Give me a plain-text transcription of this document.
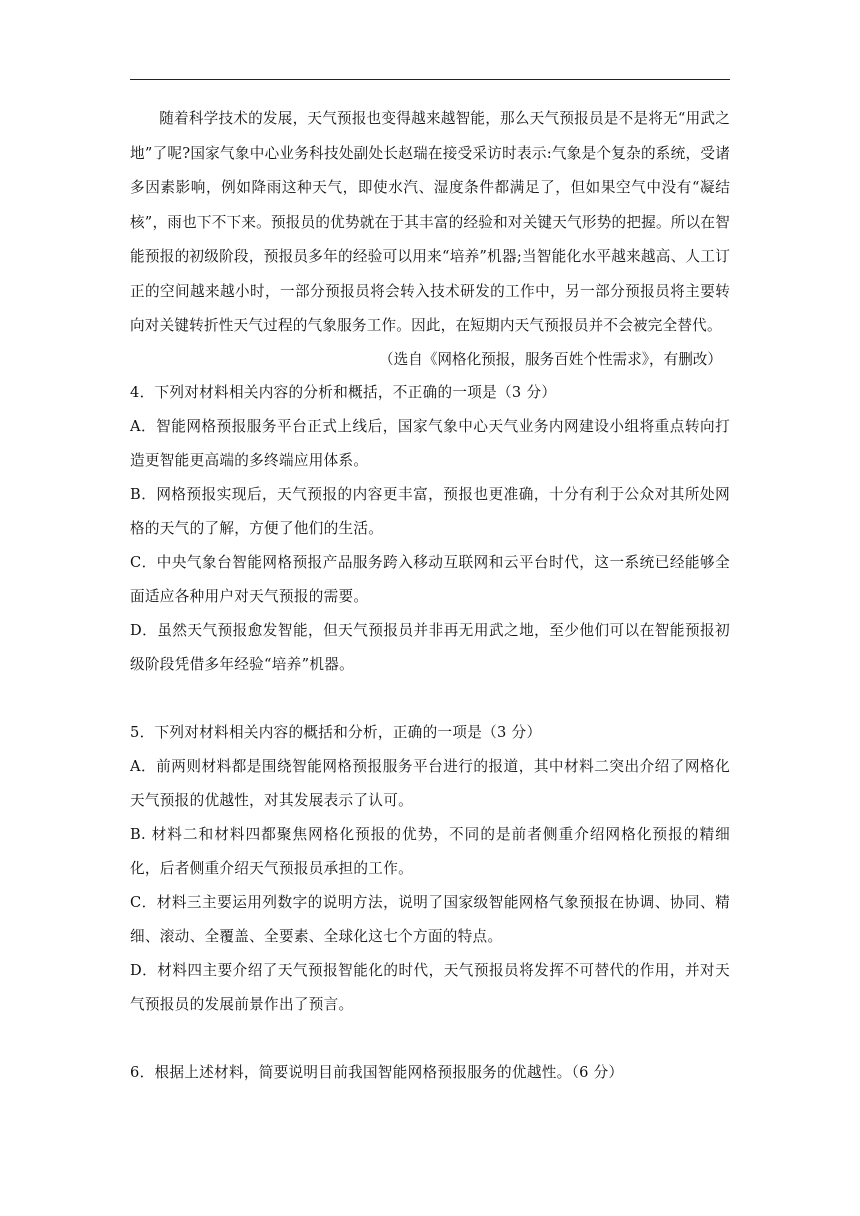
随着科学技术的发展，天气预报也变得越来越智能，那么天气预报员是不是将无“用武之地”了呢?国家气象中心业务科技处副处长赵瑞在接受采访时表示:气象是个复杂的系统，受诸多因素影响，例如降雨这种天气，即使水汽、湿度条件都满足了，但如果空气中没有“凝结核”，雨也下不下来。预报员的优势就在于其丰富的经验和对关键天气形势的把握。所以在智能预报的初级阶段，预报员多年的经验可以用来“培养”机器;当智能化水平越来越高、人工订正的空间越来越小时，一部分预报员将会转入技术研发的工作中，另一部分预报员将主要转向对关键转折性天气过程的气象服务工作。因此，在短期内天气预报员并不会被完全替代。

（选自《网格化预报，服务百姓个性需求》，有删改）

4．下列对材料相关内容的分析和概括，不正确的一项是（3 分）

A．智能网格预报服务平台正式上线后，国家气象中心天气业务内网建设小组将重点转向打造更智能更高端的多终端应用体系。

B．网格预报实现后，天气预报的内容更丰富，预报也更准确，十分有利于公众对其所处网格的天气的了解，方便了他们的生活。

C．中央气象台智能网格预报产品服务跨入移动互联网和云平台时代，这一系统已经能够全面适应各种用户对天气预报的需要。

D．虽然天气预报愈发智能，但天气预报员并非再无用武之地，至少他们可以在智能预报初级阶段凭借多年经验“培养”机器。

5．下列对材料相关内容的概括和分析，正确的一项是（3 分）

A．前两则材料都是围绕智能网格预报服务平台进行的报道，其中材料二突出介绍了网格化天气预报的优越性，对其发展表示了认可。

B. 材料二和材料四都聚焦网格化预报的优势，不同的是前者侧重介绍网格化预报的精细化，后者侧重介绍天气预报员承担的工作。

C．材料三主要运用列数字的说明方法，说明了国家级智能网格气象预报在协调、协同、精细、滚动、全覆盖、全要素、全球化这七个方面的特点。

D．材料四主要介绍了天气预报智能化的时代，天气预报员将发挥不可替代的作用，并对天气预报员的发展前景作出了预言。

6．根据上述材料，简要说明目前我国智能网格预报服务的优越性。（6 分）
